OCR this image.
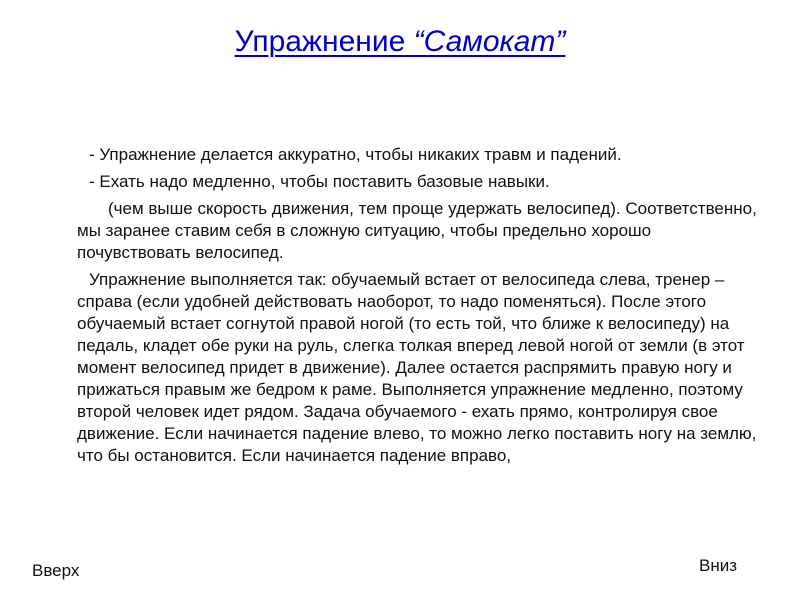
Упражнение “Самокат”

- Упражнение делается аккуратно, чтобы никаких травм и падений.

- Ехать надо медленно, чтобы поставить базовые навыки.

(чем выше скорость движения, тем проще удержать велосипед). Соответственно, мы заранее ставим себя в сложную ситуацию, чтобы предельно хорошо почувствовать велосипед.

Упражнение выполняется так: обучаемый встает от велосипеда слева, тренер – справа (если удобней действовать наоборот, то надо поменяться). После этого обучаемый встает согнутой правой ногой (то есть той, что ближе к велосипеду) на педаль, кладет обе руки на руль, слегка толкая вперед левой ногой от земли (в этот момент велосипед придет в движение). Далее остается распрямить правую ногу и прижаться правым же бедром к раме. Выполняется упражнение медленно, поэтому второй человек идет рядом. Задача обучаемого - ехать прямо, контролируя свое движение. Если начинается падение влево, то можно легко поставить ногу на землю, что бы остановится. Если начинается падение вправо,

Вверх	Вниз
